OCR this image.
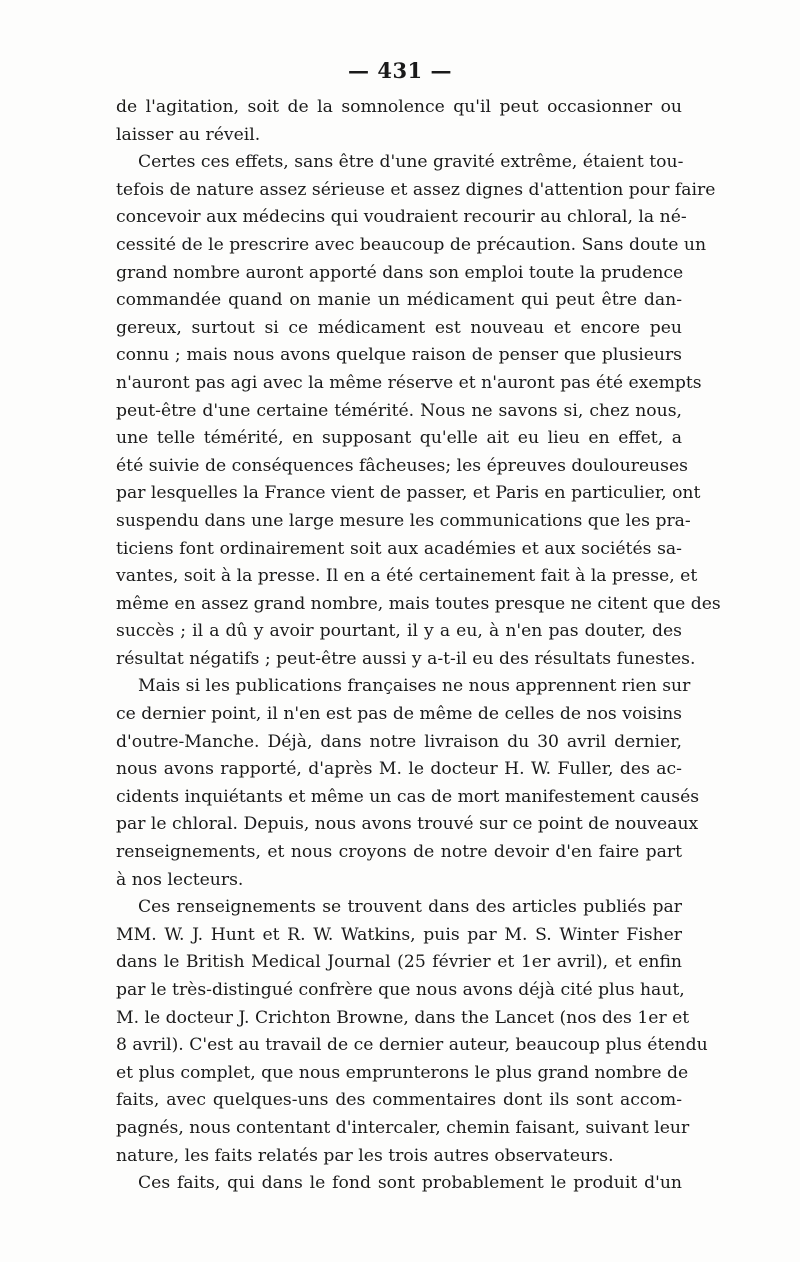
— 431 —
de l'agitation, soit de la somnolence qu'il peut occasionner ou
laisser au réveil.
Certes ces effets, sans être d'une gravité extrême, étaient tou-
tefois de nature assez sérieuse et assez dignes d'attention pour faire
concevoir aux médecins qui voudraient recourir au chloral, la né-
cessité de le prescrire avec beaucoup de précaution. Sans doute un
grand nombre auront apporté dans son emploi toute la prudence
commandée quand on manie un médicament qui peut être dan-
gereux, surtout si ce médicament est nouveau et encore peu
connu ; mais nous avons quelque raison de penser que plusieurs
n'auront pas agi avec la même réserve et n'auront pas été exempts
peut-être d'une certaine témérité. Nous ne savons si, chez nous,
une telle témérité, en supposant qu'elle ait eu lieu en effet, a
été suivie de conséquences fâcheuses; les épreuves douloureuses
par lesquelles la France vient de passer, et Paris en particulier, ont
suspendu dans une large mesure les communications que les pra-
ticiens font ordinairement soit aux académies et aux sociétés sa-
vantes, soit à la presse. Il en a été certainement fait à la presse, et
même en assez grand nombre, mais toutes presque ne citent que des
succès ; il a dû y avoir pourtant, il y a eu, à n'en pas douter, des
résultat négatifs ; peut-être aussi y a-t-il eu des résultats funestes.
Mais si les publications françaises ne nous apprennent rien sur
ce dernier point, il n'en est pas de même de celles de nos voisins
d'outre-Manche. Déjà, dans notre livraison du 30 avril dernier,
nous avons rapporté, d'après M. le docteur H. W. Fuller, des ac-
cidents inquiétants et même un cas de mort manifestement causés
par le chloral. Depuis, nous avons trouvé sur ce point de nouveaux
renseignements, et nous croyons de notre devoir d'en faire part
à nos lecteurs.
Ces renseignements se trouvent dans des articles publiés par
MM. W. J. Hunt et R. W. Watkins, puis par M. S. Winter Fisher
dans le British Medical Journal (25 février et 1er avril), et enfin
par le très-distingué confrère que nous avons déjà cité plus haut,
M. le docteur J. Crichton Browne, dans the Lancet (nos des 1er et
8 avril). C'est au travail de ce dernier auteur, beaucoup plus étendu
et plus complet, que nous emprunterons le plus grand nombre de
faits, avec quelques-uns des commentaires dont ils sont accom-
pagnés, nous contentant d'intercaler, chemin faisant, suivant leur
nature, les faits relatés par les trois autres observateurs.
Ces faits, qui dans le fond sont probablement le produit d'un
